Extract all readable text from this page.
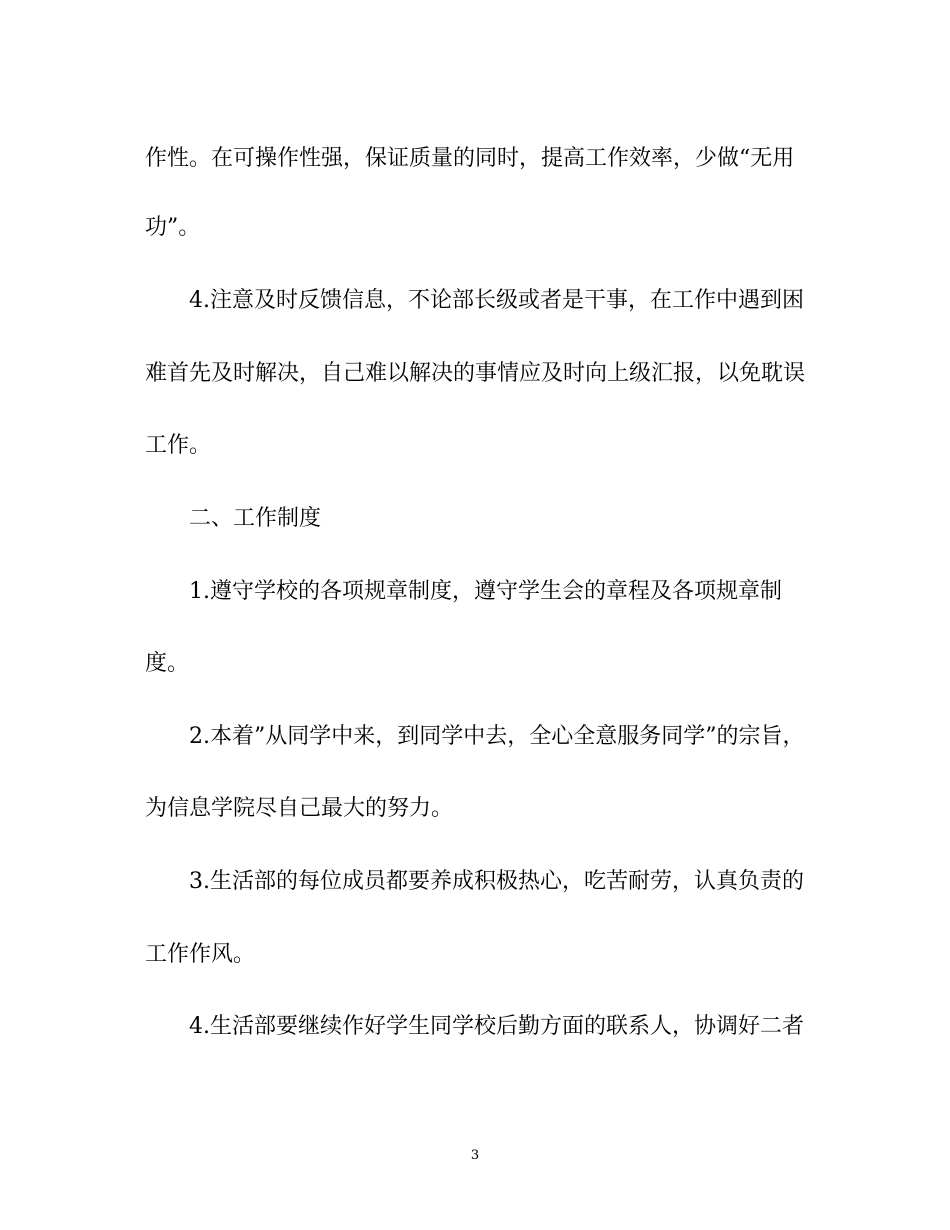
作性。在可操作性强，保证质量的同时，提高工作效率，少做“无用
功”。
4.注意及时反馈信息，不论部长级或者是干事，在工作中遇到困
难首先及时解决，自己难以解决的事情应及时向上级汇报，以免耽误
工作。
二、工作制度
1.遵守学校的各项规章制度，遵守学生会的章程及各项规章制
度。
2.本着”从同学中来，到同学中去，全心全意服务同学”的宗旨，
为信息学院尽自己最大的努力。
3.生活部的每位成员都要养成积极热心，吃苦耐劳，认真负责的
工作作风。
4.生活部要继续作好学生同学校后勤方面的联系人，协调好二者
3
